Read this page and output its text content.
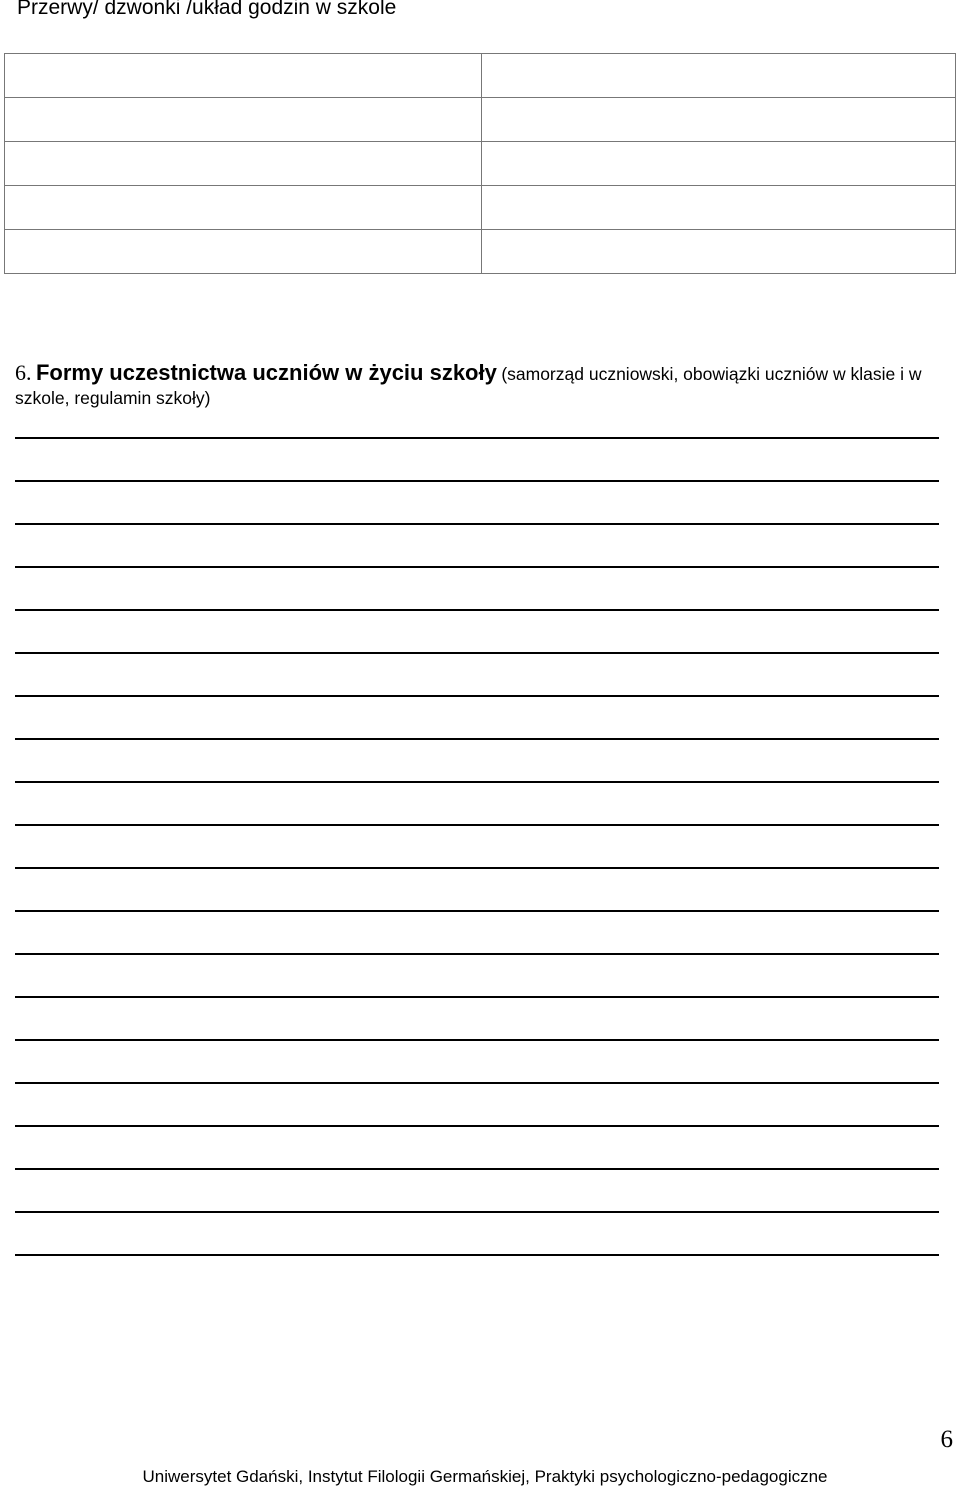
Przerwy/ dzwonki /układ godzin w szkole

6. Formy uczestnictwa uczniów w życiu szkoły (samorząd uczniowski, obowiązki uczniów w klasie i w szkole, regulamin szkoły)

6
Uniwersytet Gdański, Instytut Filologii Germańskiej, Praktyki psychologiczno-pedagogiczne
